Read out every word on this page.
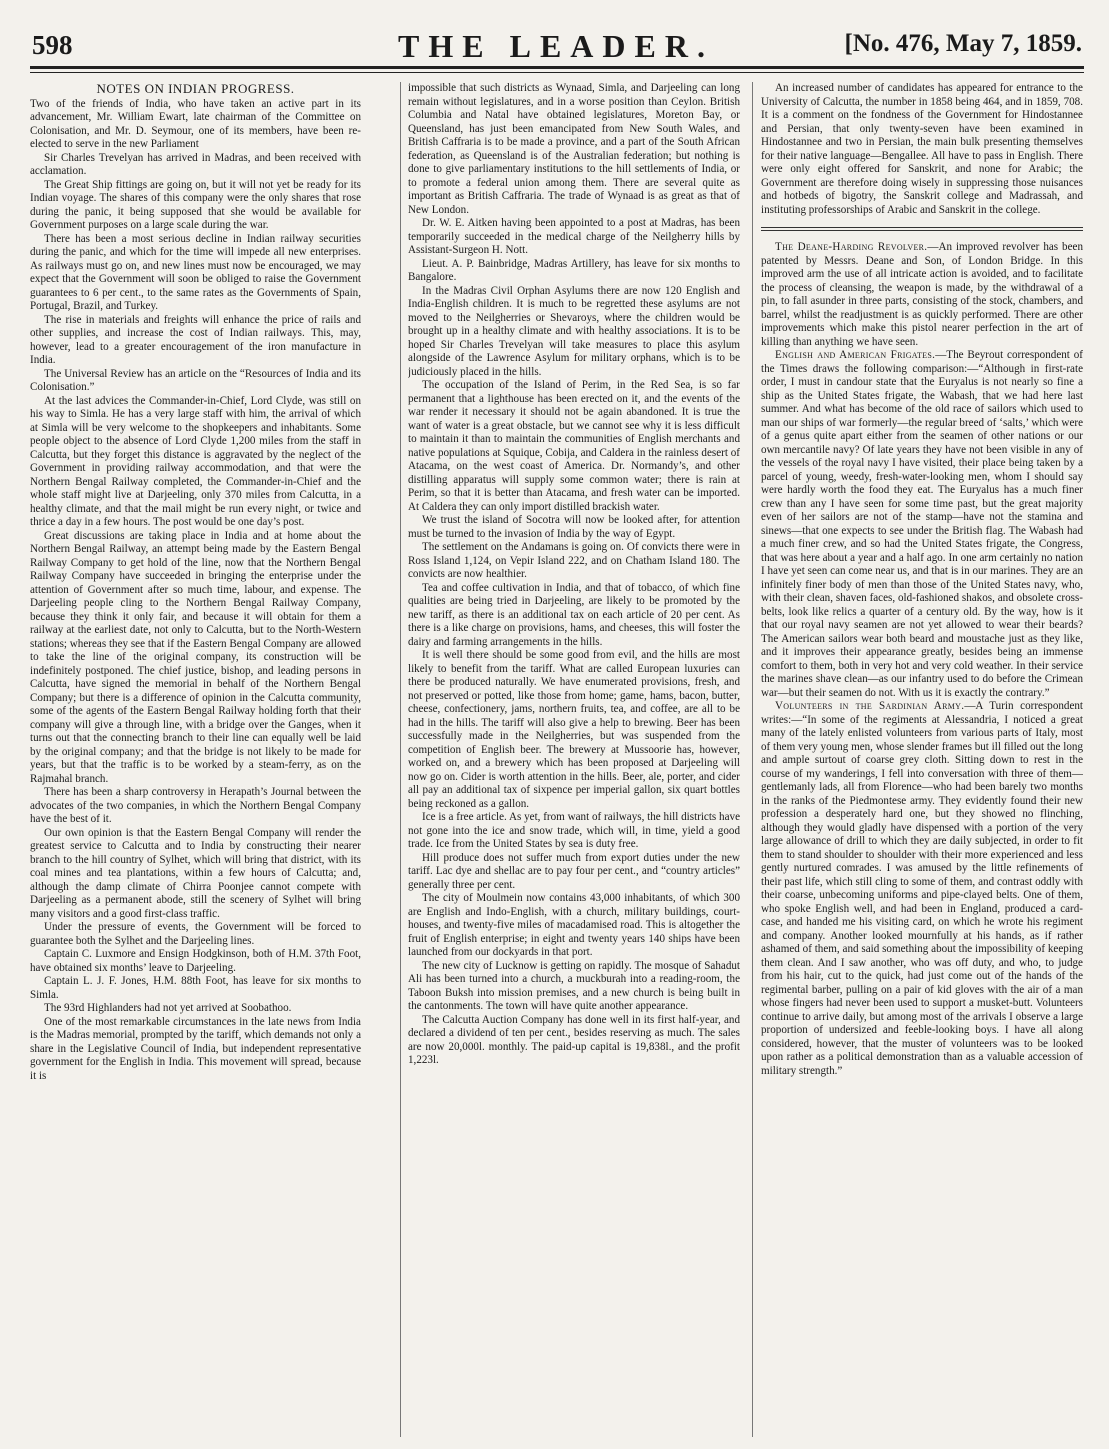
598	THE LEADER.	[No. 476, May 7, 1859.
NOTES ON INDIAN PROGRESS.

Two of the friends of India, who have taken an active part in its advancement, Mr. William Ewart, late chairman of the Committee on Colonisation, and Mr. D. Seymour, one of its members, have been re-elected to serve in the new Parliament

Sir Charles Trevelyan has arrived in Madras, and been received with acclamation.

The Great Ship fittings are going on, but it will not yet be ready for its Indian voyage. The shares of this company were the only shares that rose during the panic, it being supposed that she would be available for Government purposes on a large scale during the war.

There has been a most serious decline in Indian railway securities during the panic, and which for the time will impede all new enterprises. As railways must go on, and new lines must now be encouraged, we may expect that the Government will soon be obliged to raise the Government guarantees to 6 per cent., to the same rates as the Governments of Spain, Portugal, Brazil, and Turkey.

The rise in materials and freights will enhance the price of rails and other supplies, and increase the cost of Indian railways. This, may, however, lead to a greater encouragement of the iron manufacture in India.

The Universal Review has an article on the “Resources of India and its Colonisation.”

At the last advices the Commander-in-Chief, Lord Clyde, was still on his way to Simla. He has a very large staff with him, the arrival of which at Simla will be very welcome to the shopkeepers and inhabitants. Some people object to the absence of Lord Clyde 1,200 miles from the staff in Calcutta, but they forget this distance is aggravated by the neglect of the Government in providing railway accommodation, and that were the Northern Bengal Railway completed, the Commander-in-Chief and the whole staff might live at Darjeeling, only 370 miles from Calcutta, in a healthy climate, and that the mail might be run every night, or twice and thrice a day in a few hours. The post would be one day’s post.

Great discussions are taking place in India and at home about the Northern Bengal Railway, an attempt being made by the Eastern Bengal Railway Company to get hold of the line, now that the Northern Bengal Railway Company have succeeded in bringing the enterprise under the attention of Government after so much time, labour, and expense. The Darjeeling people cling to the Northern Bengal Railway Company, because they think it only fair, and because it will obtain for them a railway at the earliest date, not only to Calcutta, but to the North-Western stations; whereas they see that if the Eastern Bengal Company are allowed to take the line of the original company, its construction will be indefinitely postponed. The chief justice, bishop, and leading persons in Calcutta, have signed the memorial in behalf of the Northern Bengal Company; but there is a difference of opinion in the Calcutta community, some of the agents of the Eastern Bengal Railway holding forth that their company will give a through line, with a bridge over the Ganges, when it turns out that the connecting branch to their line can equally well be laid by the original company; and that the bridge is not likely to be made for years, but that the traffic is to be worked by a steam-ferry, as on the Rajmahal branch.

There has been a sharp controversy in Herapath’s Journal between the advocates of the two companies, in which the Northern Bengal Company have the best of it.

Our own opinion is that the Eastern Bengal Company will render the greatest service to Calcutta and to India by constructing their nearer branch to the hill country of Sylhet, which will bring that district, with its coal mines and tea plantations, within a few hours of Calcutta; and, although the damp climate of Chirra Poonjee cannot compete with Darjeeling as a permanent abode, still the scenery of Sylhet will bring many visitors and a good first-class traffic.

Under the pressure of events, the Government will be forced to guarantee both the Sylhet and the Darjeeling lines.

Captain C. Luxmore and Ensign Hodgkinson, both of H.M. 37th Foot, have obtained six months’ leave to Darjeeling.

Captain L. J. F. Jones, H.M. 88th Foot, has leave for six months to Simla.

The 93rd Highlanders had not yet arrived at Soobathoo.

One of the most remarkable circumstances in the late news from India is the Madras memorial, prompted by the tariff, which demands not only a share in the Legislative Council of India, but independent representative government for the English in India. This movement will spread, because it is

impossible that such districts as Wynaad, Simla, and Darjeeling can long remain without legislatures, and in a worse position than Ceylon. British Columbia and Natal have obtained legislatures, Moreton Bay, or Queensland, has just been emancipated from New South Wales, and British Caffraria is to be made a province, and a part of the South African federation, as Queensland is of the Australian federation; but nothing is done to give parliamentary institutions to the hill settlements of India, or to promote a federal union among them. There are several quite as important as British Caffraria. The trade of Wynaad is as great as that of New London.

Dr. W. E. Aitken having been appointed to a post at Madras, has been temporarily succeeded in the medical charge of the Neilgherry hills by Assistant-Surgeon H. Nott.

Lieut. A. P. Bainbridge, Madras Artillery, has leave for six months to Bangalore.

In the Madras Civil Orphan Asylums there are now 120 English and India-English children. It is much to be regretted these asylums are not moved to the Neilgherries or Shevaroys, where the children would be brought up in a healthy climate and with healthy associations. It is to be hoped Sir Charles Trevelyan will take measures to place this asylum alongside of the Lawrence Asylum for military orphans, which is to be judiciously placed in the hills.

The occupation of the Island of Perim, in the Red Sea, is so far permanent that a lighthouse has been erected on it, and the events of the war render it necessary it should not be again abandoned. It is true the want of water is a great obstacle, but we cannot see why it is less difficult to maintain it than to maintain the communities of English merchants and native populations at Squique, Cobija, and Caldera in the rainless desert of Atacama, on the west coast of America. Dr. Normandy’s, and other distilling apparatus will supply some common water; there is rain at Perim, so that it is better than Atacama, and fresh water can be imported. At Caldera they can only import distilled brackish water.

We trust the island of Socotra will now be looked after, for attention must be turned to the invasion of India by the way of Egypt.

The settlement on the Andamans is going on. Of convicts there were in Ross Island 1,124, on Vepir Island 222, and on Chatham Island 180. The convicts are now healthier.

Tea and coffee cultivation in India, and that of tobacco, of which fine qualities are being tried in Darjeeling, are likely to be promoted by the new tariff, as there is an additional tax on each article of 20 per cent. As there is a like charge on provisions, hams, and cheeses, this will foster the dairy and farming arrangements in the hills.

It is well there should be some good from evil, and the hills are most likely to benefit from the tariff. What are called European luxuries can there be produced naturally. We have enumerated provisions, fresh, and not preserved or potted, like those from home; game, hams, bacon, butter, cheese, confectionery, jams, northern fruits, tea, and coffee, are all to be had in the hills. The tariff will also give a help to brewing. Beer has been successfully made in the Neilgherries, but was suspended from the competition of English beer. The brewery at Mussoorie has, however, worked on, and a brewery which has been proposed at Darjeeling will now go on. Cider is worth attention in the hills. Beer, ale, porter, and cider all pay an additional tax of sixpence per imperial gallon, six quart bottles being reckoned as a gallon.

Ice is a free article. As yet, from want of railways, the hill districts have not gone into the ice and snow trade, which will, in time, yield a good trade. Ice from the United States by sea is duty free.

Hill produce does not suffer much from export duties under the new tariff. Lac dye and shellac are to pay four per cent., and “country articles” generally three per cent.

The city of Moulmein now contains 43,000 inhabitants, of which 300 are English and Indo-English, with a church, military buildings, court-houses, and twenty-five miles of macadamised road. This is altogether the fruit of English enterprise; in eight and twenty years 140 ships have been launched from our dockyards in that port.

The new city of Lucknow is getting on rapidly. The mosque of Sahadut Ali has been turned into a church, a muckburah into a reading-room, the Taboon Buksh into mission premises, and a new church is being built in the cantonments. The town will have quite another appearance.

The Calcutta Auction Company has done well in its first half-year, and declared a dividend of ten per cent., besides reserving as much. The sales are now 20,000l. monthly. The paid-up capital is 19,838l., and the profit 1,223l.

An increased number of candidates has appeared for entrance to the University of Calcutta, the number in 1858 being 464, and in 1859, 708. It is a comment on the fondness of the Government for Hindostannee and Persian, that only twenty-seven have been examined in Hindostannee and two in Persian, the main bulk presenting themselves for their native language—Bengallee. All have to pass in English. There were only eight offered for Sanskrit, and none for Arabic; the Government are therefore doing wisely in suppressing those nuisances and hotbeds of bigotry, the Sanskrit college and Madrassah, and instituting professorships of Arabic and Sanskrit in the college.

The Deane-Harding Revolver.—An improved revolver has been patented by Messrs. Deane and Son, of London Bridge. In this improved arm the use of all intricate action is avoided, and to facilitate the process of cleansing, the weapon is made, by the withdrawal of a pin, to fall asunder in three parts, consisting of the stock, chambers, and barrel, whilst the readjustment is as quickly performed. There are other improvements which make this pistol nearer perfection in the art of killing than anything we have seen.

English and American Frigates.—The Beyrout correspondent of the Times draws the following comparison:—“Although in first-rate order, I must in candour state that the Euryalus is not nearly so fine a ship as the United States frigate, the Wabash, that we had here last summer. And what has become of the old race of sailors which used to man our ships of war formerly—the regular breed of ‘salts,’ which were of a genus quite apart either from the seamen of other nations or our own mercantile navy? Of late years they have not been visible in any of the vessels of the royal navy I have visited, their place being taken by a parcel of young, weedy, fresh-water-looking men, whom I should say were hardly worth the food they eat. The Euryalus has a much finer crew than any I have seen for some time past, but the great majority even of her sailors are not of the stamp—have not the stamina and sinews—that one expects to see under the British flag. The Wabash had a much finer crew, and so had the United States frigate, the Congress, that was here about a year and a half ago. In one arm certainly no nation I have yet seen can come near us, and that is in our marines. They are an infinitely finer body of men than those of the United States navy, who, with their clean, shaven faces, old-fashioned shakos, and obsolete cross-belts, look like relics a quarter of a century old. By the way, how is it that our royal navy seamen are not yet allowed to wear their beards? The American sailors wear both beard and moustache just as they like, and it improves their appearance greatly, besides being an immense comfort to them, both in very hot and very cold weather. In their service the marines shave clean—as our infantry used to do before the Crimean war—but their seamen do not. With us it is exactly the contrary.”

Volunteers in the Sardinian Army.—A Turin correspondent writes:—“In some of the regiments at Alessandria, I noticed a great many of the lately enlisted volunteers from various parts of Italy, most of them very young men, whose slender frames but ill filled out the long and ample surtout of coarse grey cloth. Sitting down to rest in the course of my wanderings, I fell into conversation with three of them—gentlemanly lads, all from Florence—who had been barely two months in the ranks of the Piedmontese army. They evidently found their new profession a desperately hard one, but they showed no flinching, although they would gladly have dispensed with a portion of the very large allowance of drill to which they are daily subjected, in order to fit them to stand shoulder to shoulder with their more experienced and less gently nurtured comrades. I was amused by the little refinements of their past life, which still cling to some of them, and contrast oddly with their coarse, unbecoming uniforms and pipe-clayed belts. One of them, who spoke English well, and had been in England, produced a card-case, and handed me his visiting card, on which he wrote his regiment and company. Another looked mournfully at his hands, as if rather ashamed of them, and said something about the impossibility of keeping them clean. And I saw another, who was off duty, and who, to judge from his hair, cut to the quick, had just come out of the hands of the regimental barber, pulling on a pair of kid gloves with the air of a man whose fingers had never been used to support a musket-butt. Volunteers continue to arrive daily, but among most of the arrivals I observe a large proportion of undersized and feeble-looking boys. I have all along considered, however, that the muster of volunteers was to be looked upon rather as a political demonstration than as a valuable accession of military strength.”
